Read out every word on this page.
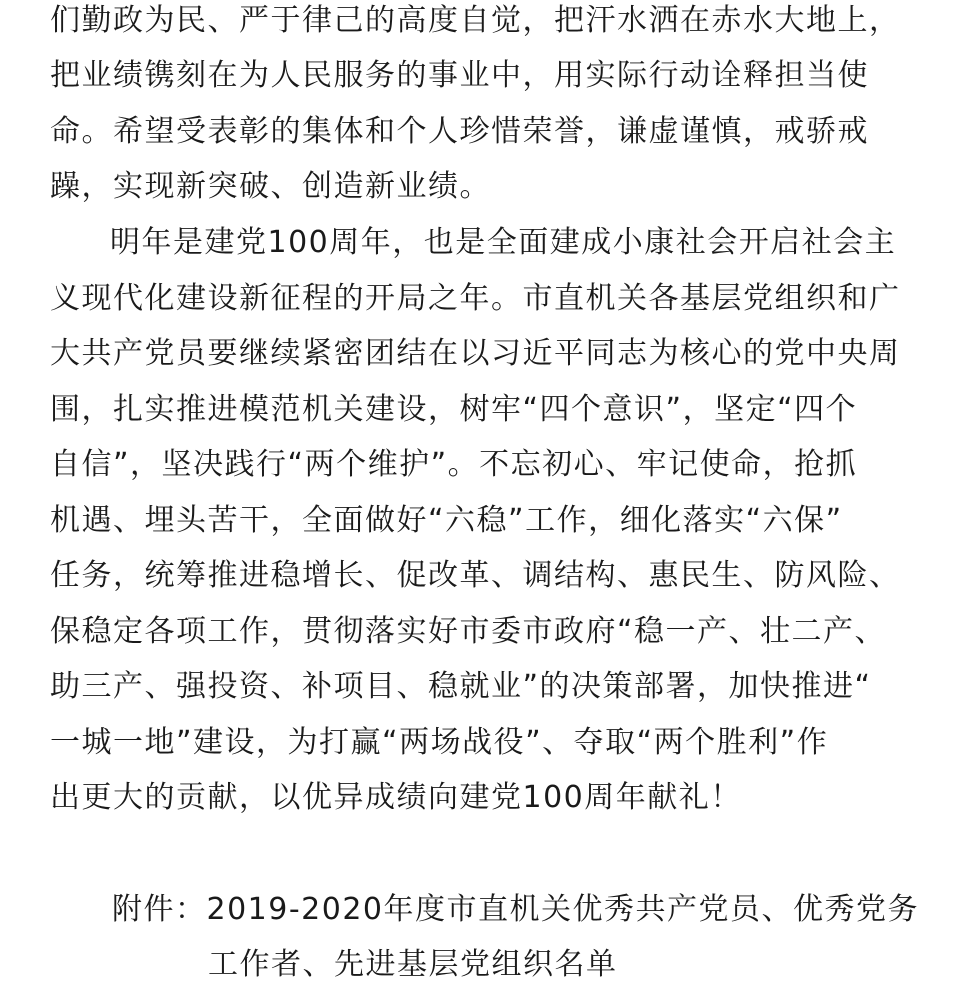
们勤政为民、严于律己的高度自觉，把汗水洒在赤水大地上，
把业绩镌刻在为人民服务的事业中，用实际行动诠释担当使
命。希望受表彰的集体和个人珍惜荣誉，谦虚谨慎，戒骄戒
躁，实现新突破、创造新业绩。
明年是建党100周年，也是全面建成小康社会开启社会主
义现代化建设新征程的开局之年。市直机关各基层党组织和广
大共产党员要继续紧密团结在以习近平同志为核心的党中央周
围，扎实推进模范机关建设，树牢“四个意识”，坚定“四个
自信”，坚决践行“两个维护”。不忘初心、牢记使命，抢抓
机遇、埋头苦干，全面做好“六稳”工作，细化落实“六保”
任务，统筹推进稳增长、促改革、调结构、惠民生、防风险、
保稳定各项工作，贯彻落实好市委市政府“稳一产、壮二产、
助三产、强投资、补项目、稳就业”的决策部署，加快推进“
一城一地”建设，为打赢“两场战役”、夺取“两个胜利”作
出更大的贡献，以优异成绩向建党100周年献礼！
附件：2019-2020年度市直机关优秀共产党员、优秀党务
工作者、先进基层党组织名单
